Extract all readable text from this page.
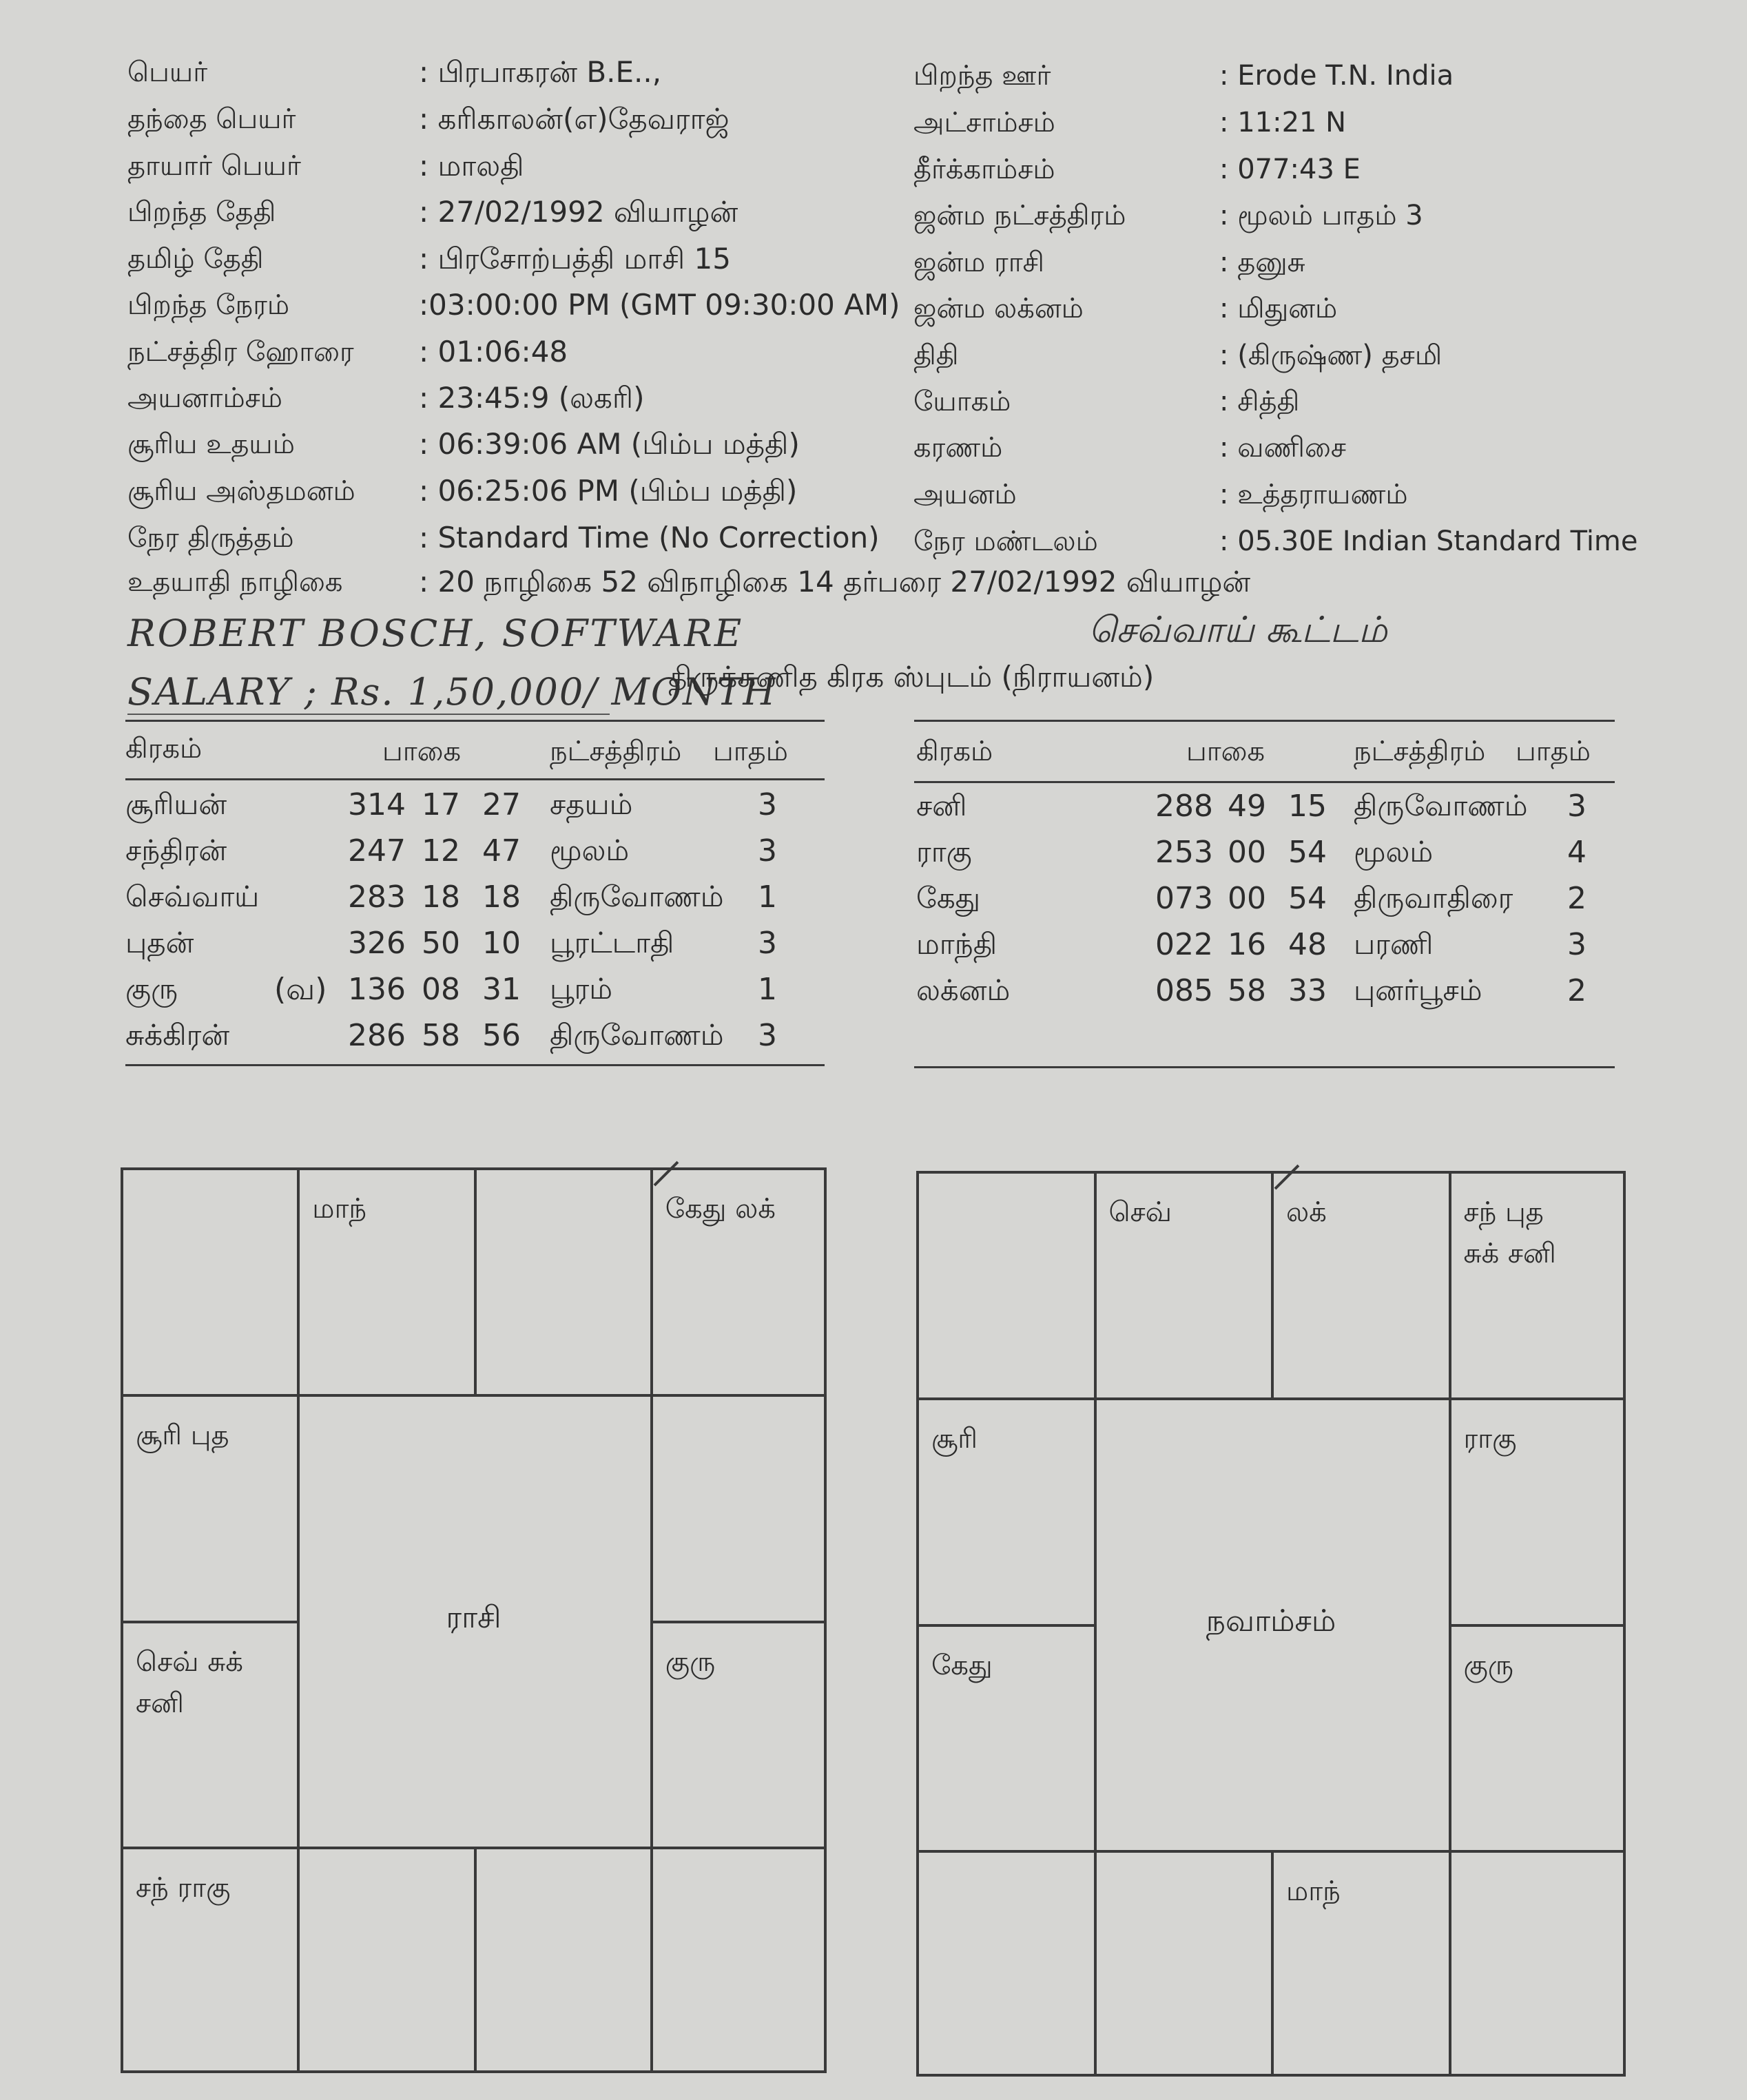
பெயர்	: பிரபாகரன் B.E..,
தந்தை பெயர்	: கரிகாலன்(எ)தேவராஜ்
தாயார் பெயர்	: மாலதி
பிறந்த தேதி	: 27/02/1992 வியாழன்
தமிழ் தேதி	: பிரசோற்பத்தி மாசி 15
பிறந்த நேரம்	:03:00:00 PM (GMT 09:30:00 AM)
நட்சத்திர ஹோரை : 01:06:48
அயனாம்சம்	: 23:45:9 (லகரி)
சூரிய உதயம்	: 06:39:06 AM (பிம்ப மத்தி)
சூரிய அஸ்தமனம் : 06:25:06 PM (பிம்ப மத்தி)
நேர திருத்தம்	: Standard Time (No Correction)
பிறந்த ஊர்	: Erode T.N. India
அட்சாம்சம்	: 11:21 N
தீர்க்காம்சம்	: 077:43 E
ஜன்ம நட்சத்திரம்	: மூலம் பாதம் 3
ஜன்ம ராசி	: தனுசு
ஜன்ம லக்னம்	: மிதுனம்
திதி	: (கிருஷ்ண) தசமி
யோகம்	: சித்தி
கரணம்	: வணிசை
அயனம்	: உத்தராயணம்
நேர மண்டலம்	: 05.30E Indian Standard Time
உதயாதி நாழிகை	: 20 நாழிகை 52 விநாழிகை 14 தர்பரை 27/02/1992 வியாழன்
ROBERT BOSCH, SOFTWARE
SALARY ; Rs. 1,50,000/ MONTH
செவ்வாய் கூட்டம்
திருக்கணித கிரக ஸ்புடம் (நிராயனம்)
கிரகம்	பாகை	நட்சத்திரம் பாதம்
சூரியன்	314 17 27 சதயம்	3
சந்திரன்	247 12 47 மூலம்	3
செவ்வாய்	283 18 18 திருவோணம் 1
புதன்	326 50 10 பூரட்டாதி	3
குரு	(வ) 136 08 31 பூரம்	1
சுக்கிரன்	286 58 56 திருவோணம் 3
கிரகம்	பாகை	நட்சத்திரம் பாதம்
சனி	288 49 15 திருவோணம் 3
ராகு	253 00 54 மூலம்	4
கேது	073 00 54 திருவாதிரை 2
மாந்தி	022 16 48 பரணி	3
லக்னம்	085 58 33 புனர்பூசம்	2
ராசி
மாந்	கேது லக்
சூரி புத
செவ் சுக்
சனி
குரு
சந் ராகு
நவாம்சம்
செவ்	லக்	சந் புத
சுக் சனி
சூரி	ராகு
கேது	குரு
மாந்
